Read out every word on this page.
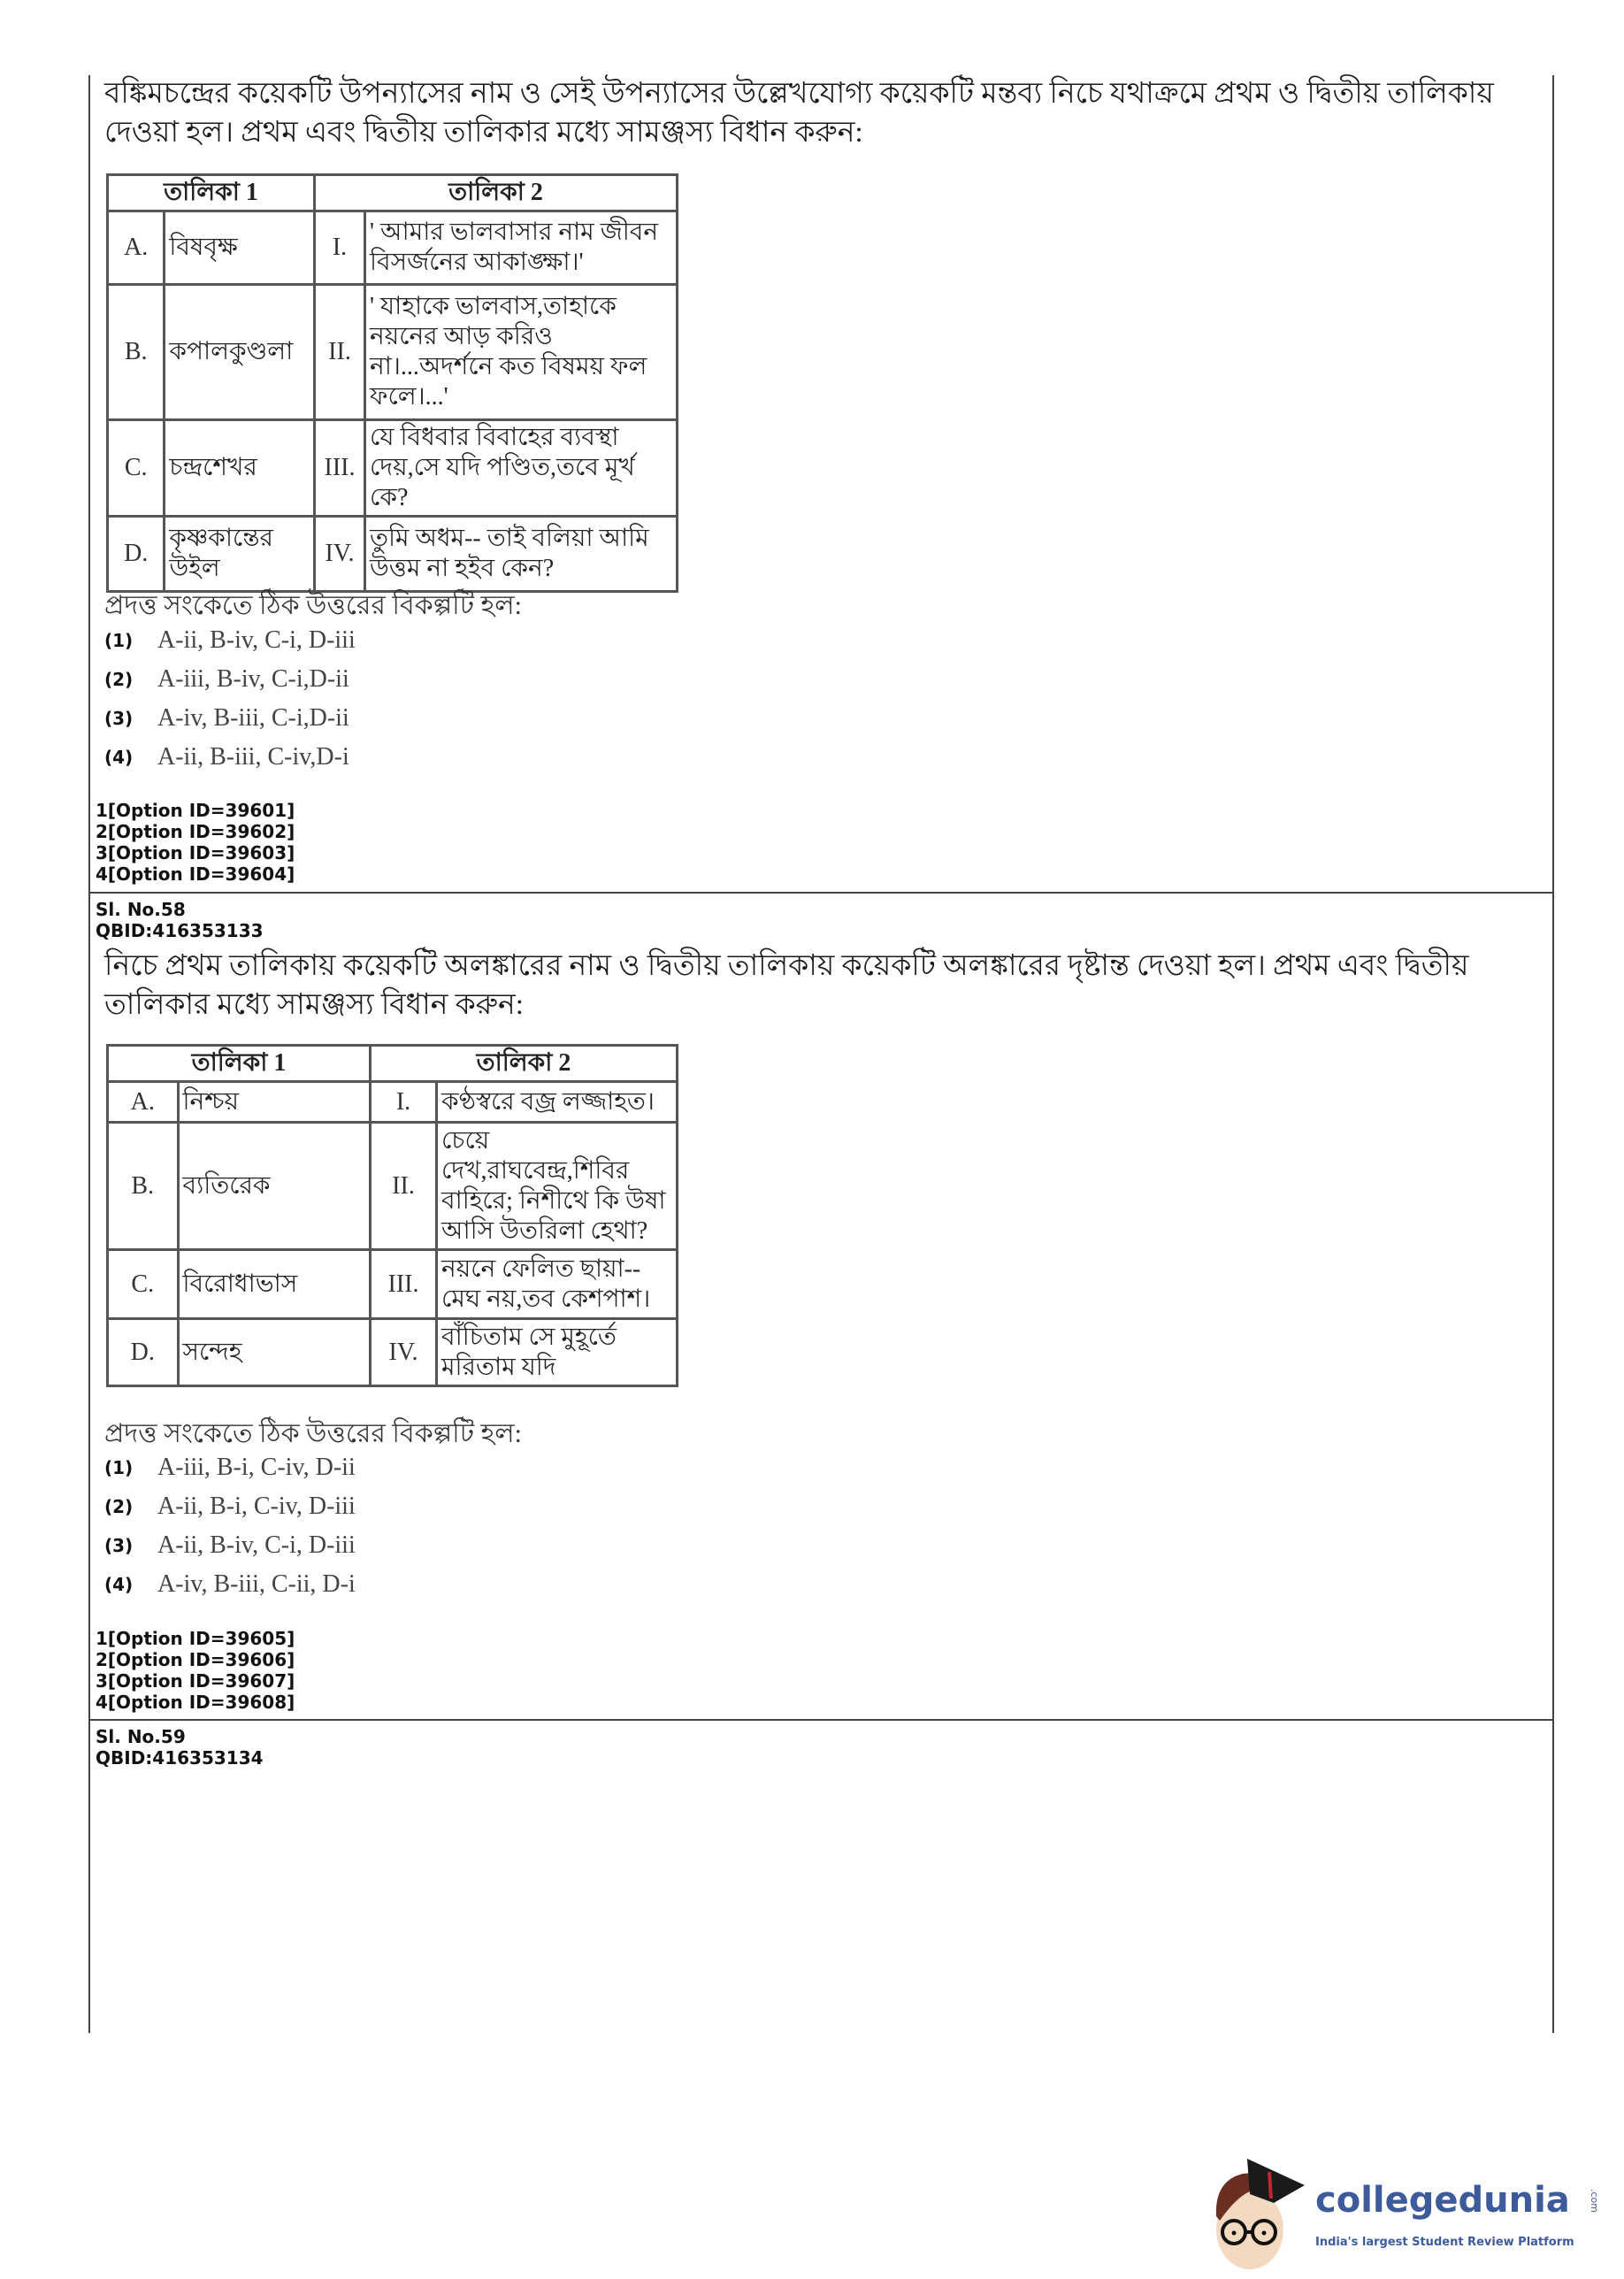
বঙ্কিমচন্দ্রের কয়েকটি উপন্যাসের নাম ও সেই উপন্যাসের উল্লেখযোগ্য কয়েকটি মন্তব্য নিচে যথাক্রমে প্রথম ও দ্বিতীয় তালিকায় দেওয়া হল। প্রথম এবং দ্বিতীয় তালিকার মধ্যে সামঞ্জস্য বিধান করুন:
তালিকা 1		তালিকা 2	
A.	বিষবৃক্ষ	I.	' আমার ভালবাসার নাম জীবন বিসর্জনের আকাঙ্ক্ষা।'
B.	কপালকুণ্ডলা	II.	' যাহাকে ভালবাস,তাহাকে নয়নের আড় করিও না।...অদর্শনে কত বিষময় ফল ফলে।...'
C.	চন্দ্রশেখর	III.	যে বিধবার বিবাহের ব্যবস্থা দেয়,সে যদি পণ্ডিত,তবে মূর্খ কে?
D.	কৃষ্ণকান্তের উইল	IV.	তুমি অধম-- তাই বলিয়া আমি উত্তম না হইব কেন?
প্রদত্ত সংকেতে ঠিক উত্তরের বিকল্পটি হল:
(1) A-ii, B-iv, C-i, D-iii
(2) A-iii, B-iv, C-i,D-ii
(3) A-iv, B-iii, C-i,D-ii
(4) A-ii, B-iii, C-iv,D-i
1[Option ID=39601]
2[Option ID=39602]
3[Option ID=39603]
4[Option ID=39604]
Sl. No.58
QBID:416353133
নিচে প্রথম তালিকায় কয়েকটি অলঙ্কারের নাম ও দ্বিতীয় তালিকায় কয়েকটি অলঙ্কারের দৃষ্টান্ত দেওয়া হল। প্রথম এবং দ্বিতীয় তালিকার মধ্যে সামঞ্জস্য বিধান করুন:
তালিকা 1		তালিকা 2	
A.	নিশ্চয়	I.	কণ্ঠস্বরে বজ্র লজ্জাহত।
B.	ব্যতিরেক	II.	চেয়ে দেখ,রাঘবেন্দ্র,শিবির বাহিরে; নিশীথে কি উষা আসি উতরিলা হেথা?
C.	বিরোধাভাস	III.	নয়নে ফেলিত ছায়া--মেঘ নয়,তব কেশপাশ।
D.	সন্দেহ	IV.	বাঁচিতাম সে মুহূর্তে মরিতাম যদি
প্রদত্ত সংকেতে ঠিক উত্তরের বিকল্পটি হল:
(1) A-iii, B-i, C-iv, D-ii
(2) A-ii, B-i, C-iv, D-iii
(3) A-ii, B-iv, C-i, D-iii
(4) A-iv, B-iii, C-ii, D-i
1[Option ID=39605]
2[Option ID=39606]
3[Option ID=39607]
4[Option ID=39608]
Sl. No.59
QBID:416353134
collegedunia .com
India's largest Student Review Platform
